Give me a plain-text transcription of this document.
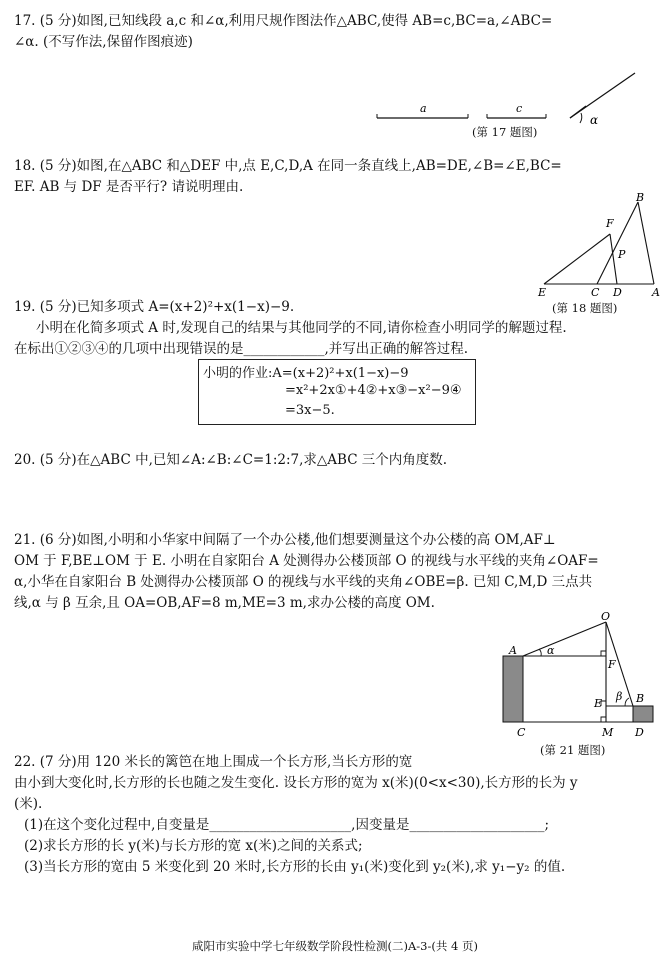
17. (5 分)如图,已知线段 a,c 和∠α,利用尺规作图法作△ABC,使得 AB=c,BC=a,∠ABC=
∠α. (不写作法,保留作图痕迹)
a	c
α
(第 17 题图)
18. (5 分)如图,在△ABC 和△DEF 中,点 E,C,D,A 在同一条直线上,AB=DE,∠B=∠E,BC=
EF. AB 与 DF 是否平行? 请说明理由.
B
F
P
E	C D	A
(第 18 题图)
19. (5 分)已知多项式 A=(x+2)²+x(1−x)−9.
小明在化简多项式 A 时,发现自己的结果与其他同学的不同,请你检查小明同学的解题过程.
在标出①②③④的几项中出现错误的是____________,并写出正确的解答过程.
小明的作业:A=(x+2)²+x(1−x)−9
=x²+2x①+4②+x③−x²−9④
=3x−5.
20. (5 分)在△ABC 中,已知∠A:∠B:∠C=1:2:7,求△ABC 三个内角度数.
21. (6 分)如图,小明和小华家中间隔了一个办公楼,他们想要测量这个办公楼的高 OM,AF⊥
OM 于 F,BE⊥OM 于 E. 小明在自家阳台 A 处测得办公楼顶部 O 的视线与水平线的夹角∠OAF=
α,小华在自家阳台 B 处测得办公楼顶部 O 的视线与水平线的夹角∠OBE=β. 已知 C,M,D 三点共
线,α 与 β 互余,且 OA=OB,AF=8 m,ME=3 m,求办公楼的高度 OM.
O
A	α
F
E
β B
C	M D
(第 21 题图)
22. (7 分)用 120 米长的篱笆在地上围成一个长方形,当长方形的宽
由小到大变化时,长方形的长也随之发生变化. 设长方形的宽为 x(米)(0<x<30),长方形的长为 y
(米).
(1)在这个变化过程中,自变量是_____________________,因变量是____________________;
(2)求长方形的长 y(米)与长方形的宽 x(米)之间的关系式;
(3)当长方形的宽由 5 米变化到 20 米时,长方形的长由 y₁(米)变化到 y₂(米),求 y₁−y₂ 的值.
咸阳市实验中学七年级数学阶段性检测(二)A-3-(共 4 页)
